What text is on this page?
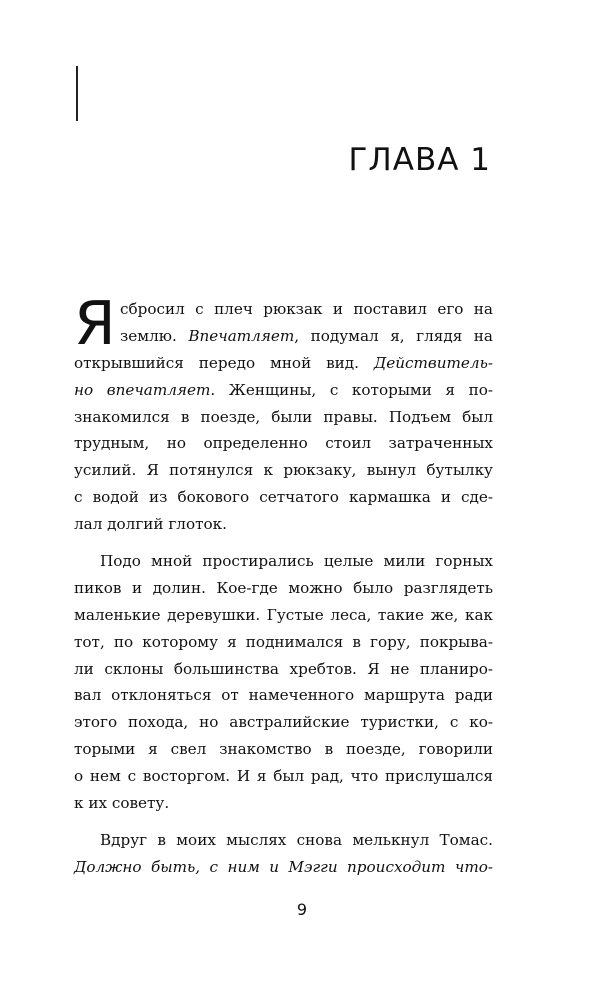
ГЛАВА 1
Я сбросил с плеч рюкзак и поставил его на
землю. Впечатляет, подумал я, глядя на
открывшийся передо мной вид. Действитель-
но впечатляет. Женщины, с которыми я по-
знакомился в поезде, были правы. Подъем был
трудным, но определенно стоил затраченных
усилий. Я потянулся к рюкзаку, вынул бутылку
с водой из бокового сетчатого кармашка и сде-
лал долгий глоток.
Подо мной простирались целые мили горных
пиков и долин. Кое-где можно было разглядеть
маленькие деревушки. Густые леса, такие же, как
тот, по которому я поднимался в гору, покрыва-
ли склоны большинства хребтов. Я не планиро-
вал отклоняться от намеченного маршрута ради
этого похода, но австралийские туристки, с ко-
торыми я свел знакомство в поезде, говорили
о нем с восторгом. И я был рад, что прислушался
к их совету.
Вдруг в моих мыслях снова мелькнул Томас.
Должно быть, с ним и Мэгги происходит что-
9
